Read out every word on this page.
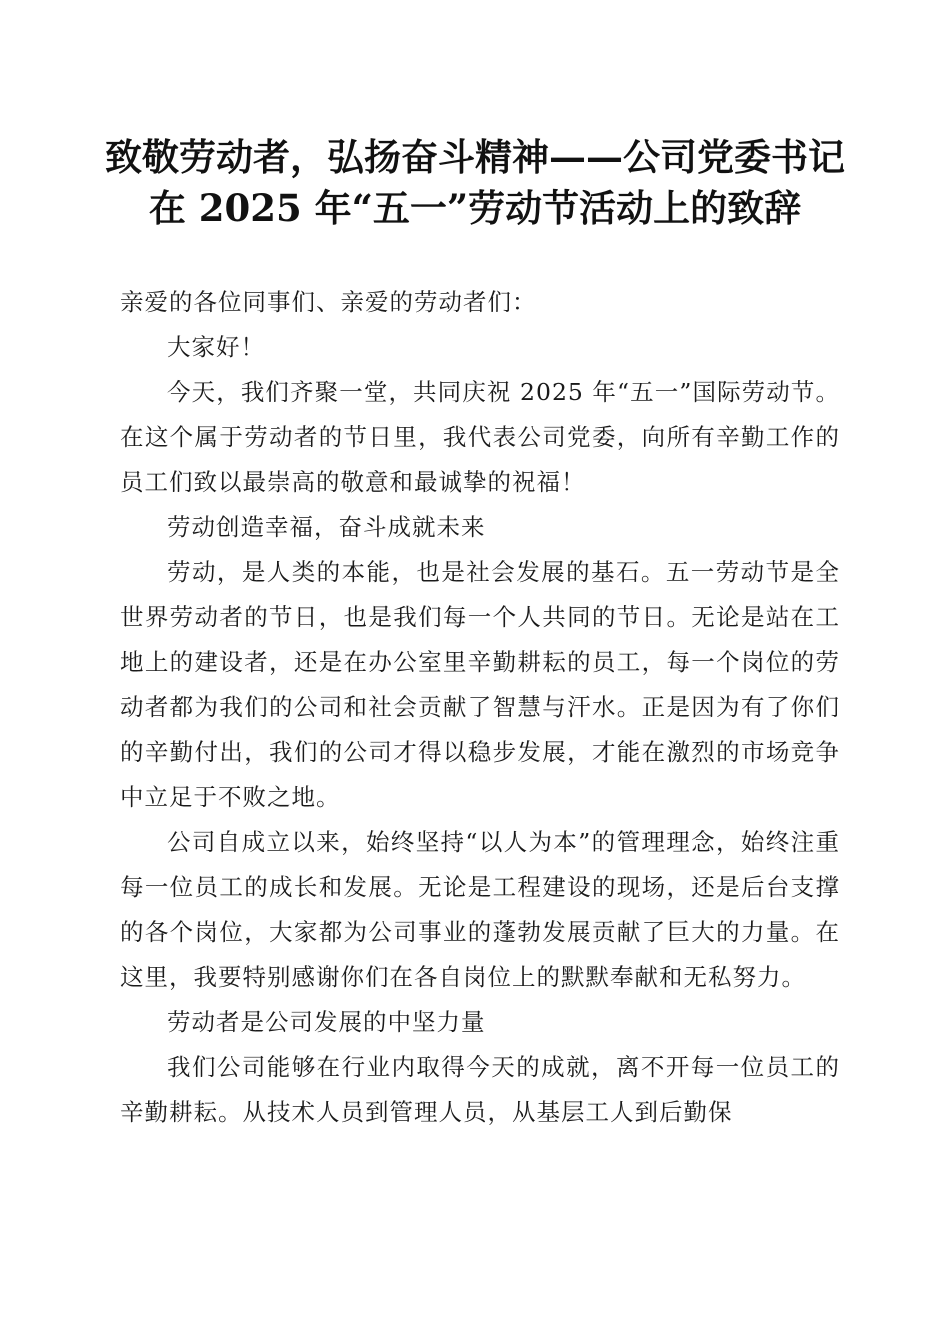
致敬劳动者，弘扬奋斗精神——公司党委书记
在 2025 年“五一”劳动节活动上的致辞

亲爱的各位同事们、亲爱的劳动者们：

大家好！

今天，我们齐聚一堂，共同庆祝 2025 年“五一”国际劳动节。在这个属于劳动者的节日里，我代表公司党委，向所有辛勤工作的员工们致以最崇高的敬意和最诚挚的祝福！

劳动创造幸福，奋斗成就未来

劳动，是人类的本能，也是社会发展的基石。五一劳动节是全世界劳动者的节日，也是我们每一个人共同的节日。无论是站在工地上的建设者，还是在办公室里辛勤耕耘的员工，每一个岗位的劳动者都为我们的公司和社会贡献了智慧与汗水。正是因为有了你们的辛勤付出，我们的公司才得以稳步发展，才能在激烈的市场竞争中立足于不败之地。

公司自成立以来，始终坚持“以人为本”的管理理念，始终注重每一位员工的成长和发展。无论是工程建设的现场，还是后台支撑的各个岗位，大家都为公司事业的蓬勃发展贡献了巨大的力量。在这里，我要特别感谢你们在各自岗位上的默默奉献和无私努力。

劳动者是公司发展的中坚力量

我们公司能够在行业内取得今天的成就，离不开每一位员工的辛勤耕耘。从技术人员到管理人员，从基层工人到后勤保
